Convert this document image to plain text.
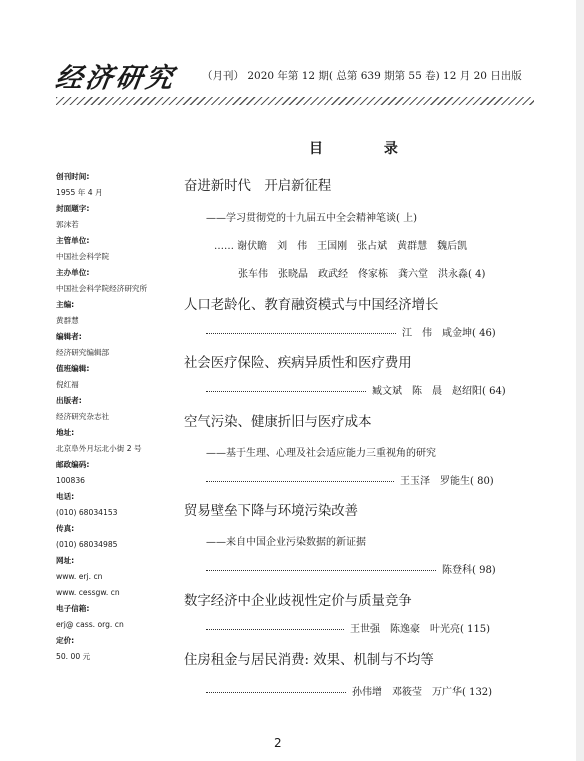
经济研究 （月刊） 2020 年第 12 期( 总第 639 期第 55 卷) 12 月 20 日出版
目 录
创刊时间:
1955 年 4 月
封面题字:
郭沫若
主管单位:
中国社会科学院
主办单位:
中国社会科学院经济研究所
主编:
黄群慧
编辑者:
经济研究编辑部
值班编辑:
倪红福
出版者:
经济研究杂志社
地址:
北京阜外月坛北小街 2 号
邮政编码:
100836
电话:
(010) 68034153
传真:
(010) 68034985
网址:
www. erj. cn
www. cessgw. cn
电子信箱:
erj@ cass. org. cn
定价:
50. 00 元
奋进新时代　开启新征程
——学习贯彻党的十九届五中全会精神笔谈( 上)
…… 谢伏瞻　刘　伟　王国刚　张占斌　黄群慧　魏后凯
张车伟　张晓晶　政武经　佟家栋　龚六堂　洪永淼( 4)
人口老龄化、教育融资模式与中国经济增长
江　伟　咸金坤( 46)
社会医疗保险、疾病异质性和医疗费用
臧文斌　陈　晨　赵绍阳( 64)
空气污染、健康折旧与医疗成本
——基于生理、心理及社会适应能力三重视角的研究
王玉泽　罗能生( 80)
贸易壁垒下降与环境污染改善
——来自中国企业污染数据的新证据
陈登科( 98)
数字经济中企业歧视性定价与质量竞争
王世强　陈逸豪　叶光亮( 115)
住房租金与居民消费: 效果、机制与不均等
孙伟增　邓筱莹　万广华( 132)
2
